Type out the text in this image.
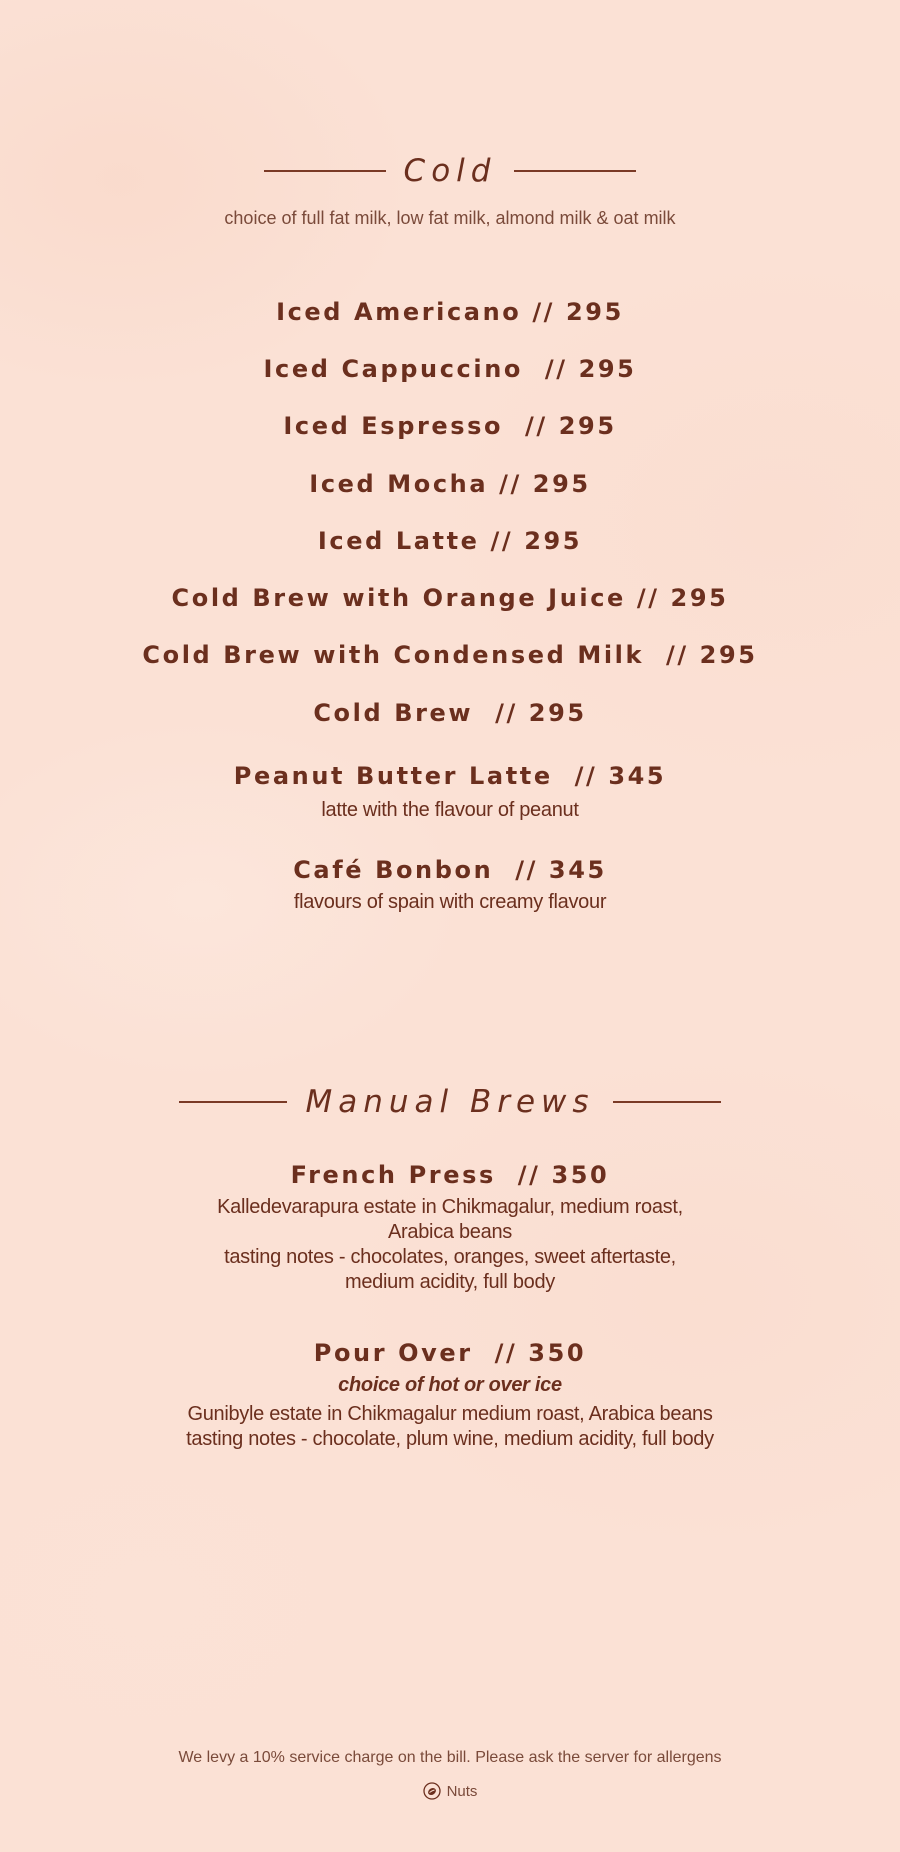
Cold
choice of full fat milk, low fat milk, almond milk & oat milk
Iced Americano // 295
Iced Cappuccino  // 295
Iced Espresso  // 295
Iced Mocha // 295
Iced Latte // 295
Cold Brew with Orange Juice // 295
Cold Brew with Condensed Milk  // 295
Cold Brew  // 295
Peanut Butter Latte  // 345
latte with the flavour of peanut
Café Bonbon  // 345
flavours of spain with creamy flavour
Manual Brews
French Press  // 350
Kalledevarapura estate in Chikmagalur, medium roast,
Arabica beans
tasting notes - chocolates, oranges, sweet aftertaste,
medium acidity, full body
Pour Over  // 350
choice of hot or over ice
Gunibyle estate in Chikmagalur medium roast, Arabica beans
tasting notes - chocolate, plum wine, medium acidity, full body
We levy a 10% service charge on the bill. Please ask the server for allergens
Nuts
